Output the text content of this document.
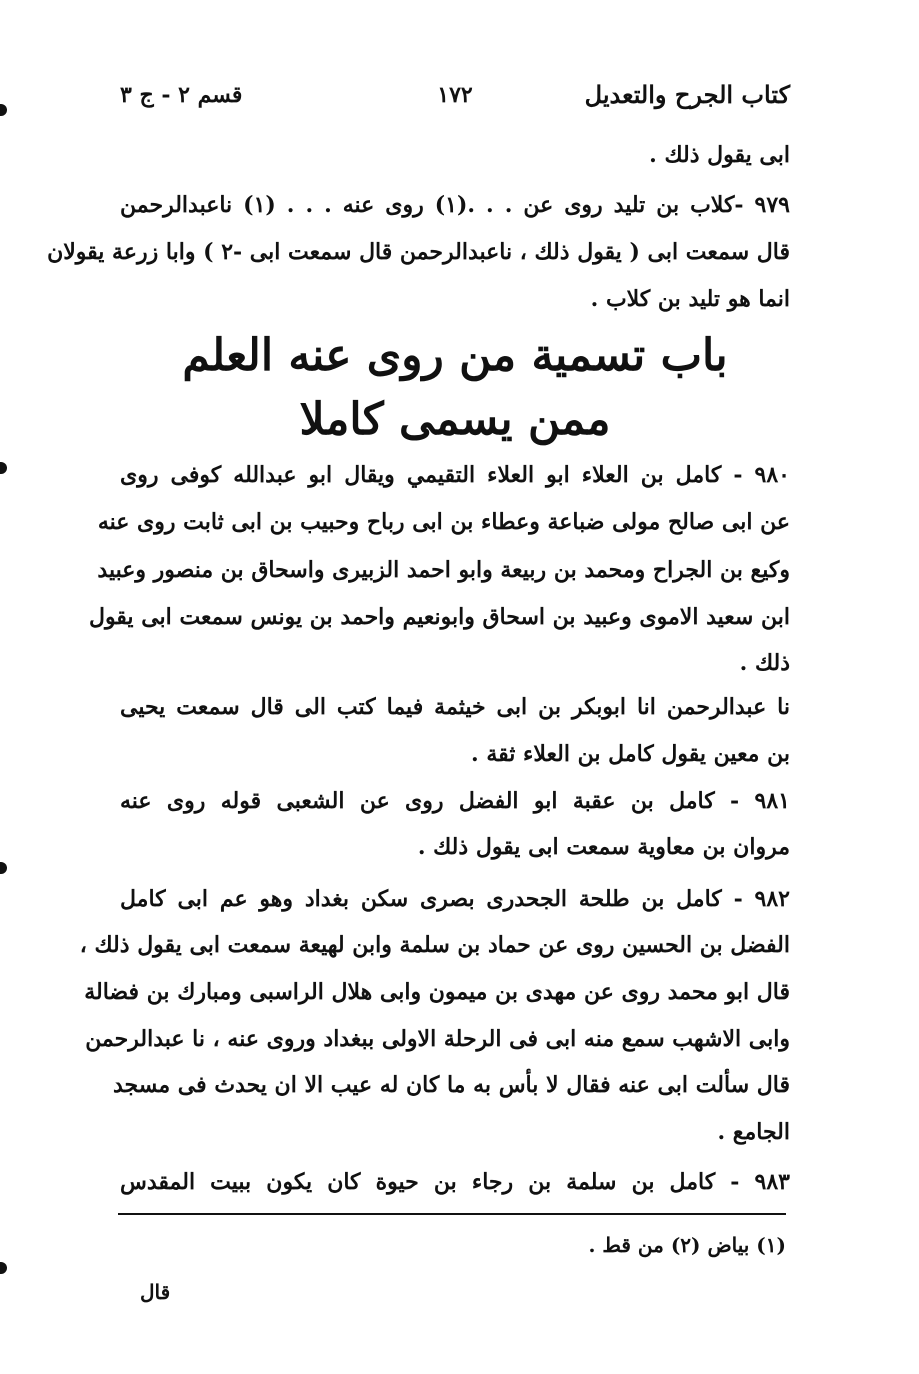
كتاب الجرح والتعديل
١٧٢
قسم ٢ - ج ٣
ابى يقول ذلك .
٩٧٩ -كلاب بن تليد روى عن . . .(١) روى عنه . . . (١) ناعبدالرحمن
قال سمعت ابى ( يقول ذلك ، ناعبدالرحمن قال سمعت ابى -٢ ) وابا زرعة يقولان
انما هو تليد بن كلاب .
باب تسمية من روى عنه العلم
ممن يسمى كاملا
٩٨٠ - كامل بن العلاء ابو العلاء التقيمي ويقال ابو عبدالله كوفى روى
عن ابى صالح مولى ضباعة وعطاء بن ابى رباح وحبيب بن ابى ثابت روى عنه
وكيع بن الجراح ومحمد بن ربيعة وابو احمد الزبيرى واسحاق بن منصور وعبيد
ابن سعيد الاموى وعبيد بن اسحاق وابونعيم واحمد بن يونس سمعت ابى يقول
ذلك .
نا عبدالرحمن انا ابوبكر بن ابى خيثمة فيما كتب الى قال سمعت يحيى
بن معين يقول كامل بن العلاء ثقة .
٩٨١ - كامل بن عقبة ابو الفضل روى عن الشعبى قوله روى عنه
مروان بن معاوية سمعت ابى يقول ذلك .
٩٨٢ - كامل بن طلحة الجحدرى بصرى سكن بغداد وهو عم ابى كامل
الفضل بن الحسين روى عن حماد بن سلمة وابن لهيعة سمعت ابى يقول ذلك ،
قال ابو محمد روى عن مهدى بن ميمون وابى هلال الراسبى ومبارك بن فضالة
وابى الاشهب سمع منه ابى فى الرحلة الاولى ببغداد وروى عنه ، نا عبدالرحمن
قال سألت ابى عنه فقال لا بأس به ما كان له عيب الا ان يحدث فى مسجد
الجامع .
٩٨٣ - كامل بن سلمة بن رجاء بن حيوة كان يكون ببيت المقدس
(١) بياض (٢) من قط .
قال
